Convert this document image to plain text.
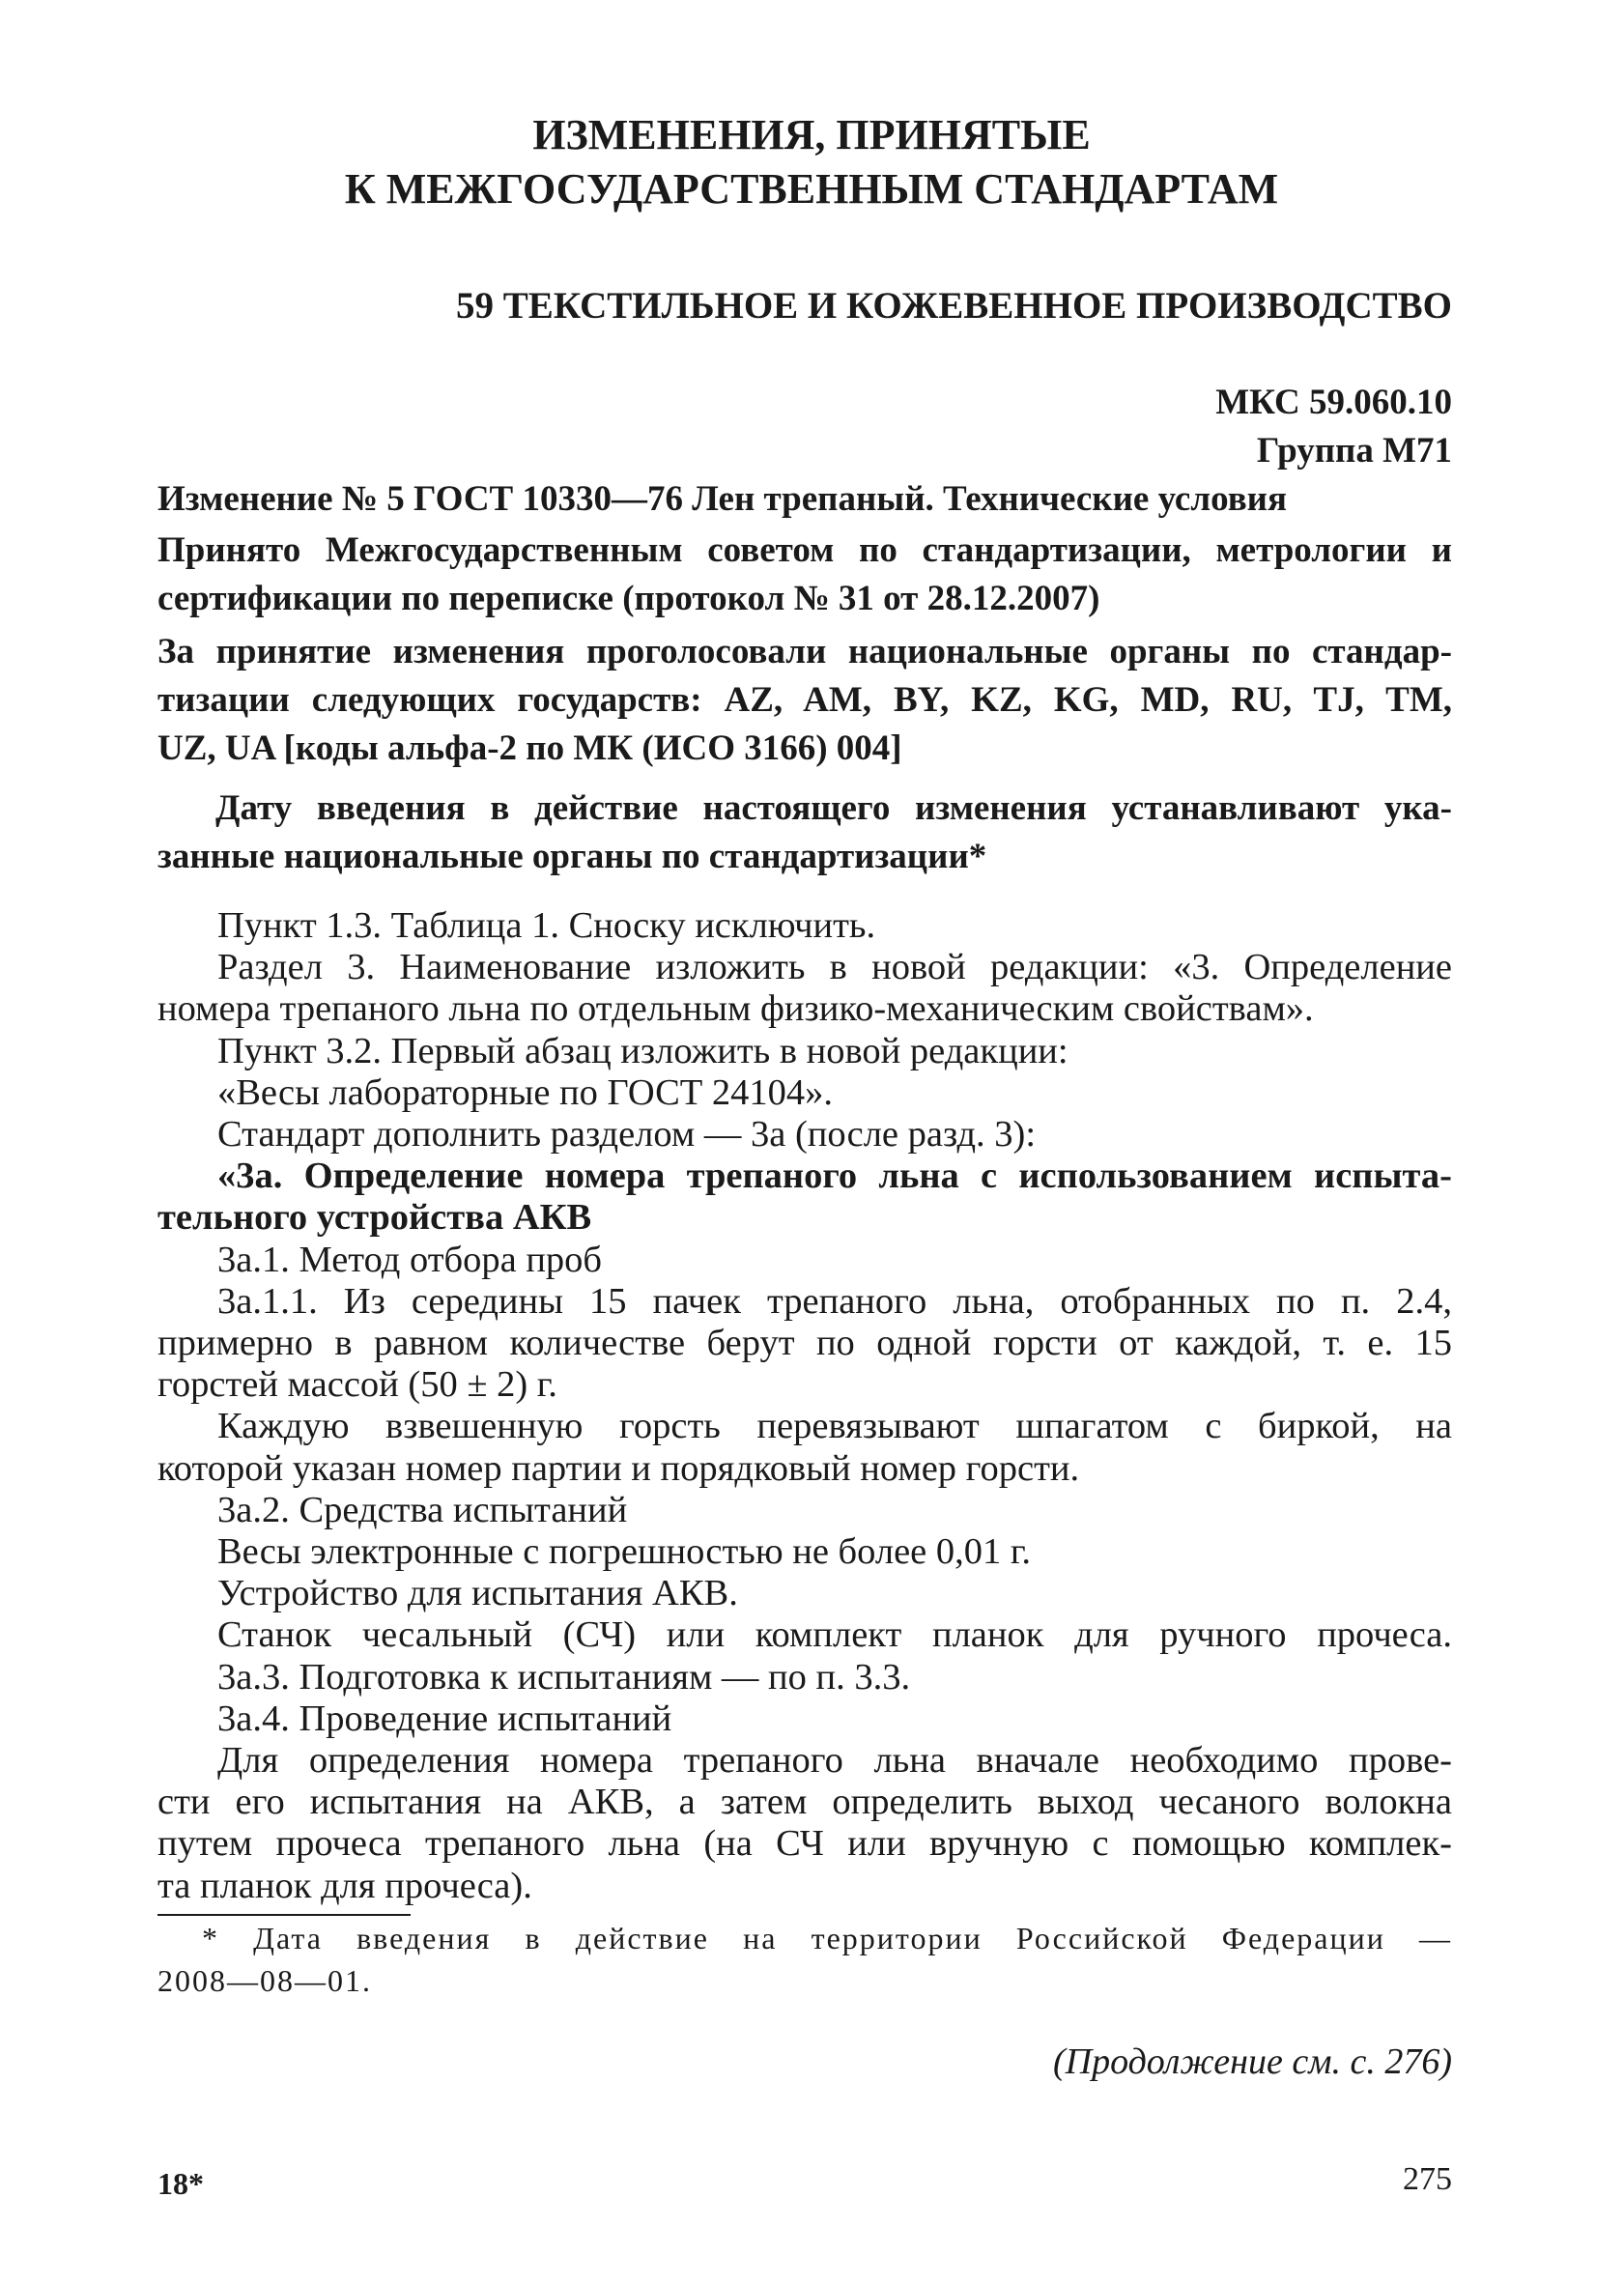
ИЗМЕНЕНИЯ, ПРИНЯТЫЕ
К МЕЖГОСУДАРСТВЕННЫМ СТАНДАРТАМ
59 ТЕКСТИЛЬНОЕ И КОЖЕВЕННОЕ ПРОИЗВОДСТВО
МКС 59.060.10
Группа М71
Изменение № 5 ГОСТ 10330—76 Лен трепаный. Технические условия
Принято Межгосударственным советом по стандартизации, метрологии и
сертификации по переписке (протокол № 31 от 28.12.2007)
За принятие изменения проголосовали национальные органы по стандар-
тизации следующих государств: AZ, AM, BY, KZ, KG, MD, RU, TJ, TM,
UZ, UA [коды альфа-2 по МК (ИСО 3166) 004]
Дату введения в действие настоящего изменения устанавливают ука-
занные национальные органы по стандартизации*
Пункт 1.3. Таблица 1. Сноску исключить.
Раздел 3. Наименование изложить в новой редакции: «3. Определение
номера трепаного льна по отдельным физико-механическим свойствам».
Пункт 3.2. Первый абзац изложить в новой редакции:
«Весы лабораторные по ГОСТ 24104».
Стандарт дополнить разделом — 3а (после разд. 3):
«3а. Определение номера трепаного льна с использованием испыта-
тельного устройства АКВ
3а.1. Метод отбора проб
3а.1.1. Из середины 15 пачек трепаного льна, отобранных по п. 2.4,
примерно в равном количестве берут по одной горсти от каждой, т. е. 15
горстей массой (50 ± 2) г.
Каждую взвешенную горсть перевязывают шпагатом с биркой, на
которой указан номер партии и порядковый номер горсти.
3а.2. Средства испытаний
Весы электронные с погрешностью не более 0,01 г.
Устройство для испытания АКВ.
Станок чесальный (СЧ) или комплект планок для ручного прочеса.
3а.3. Подготовка к испытаниям — по п. 3.3.
3а.4. Проведение испытаний
Для определения номера трепаного льна вначале необходимо прове-
сти его испытания на АКВ, а затем определить выход чесаного волокна
путем прочеса трепаного льна (на СЧ или вручную с помощью комплек-
та планок для прочеса).
* Дата введения в действие на территории Российской Федерации —
2008—08—01.
(Продолжение см. с. 276)
18*	275
